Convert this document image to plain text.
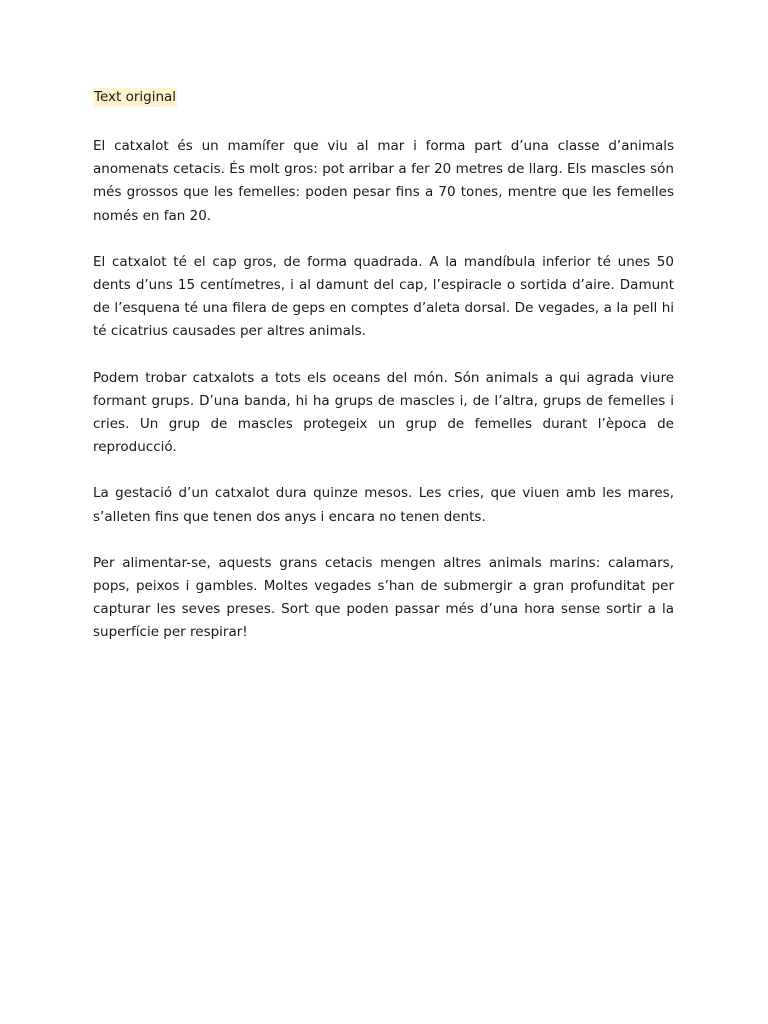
Text original

El catxalot és un mamífer que viu al mar i forma part d’una classe d’animals anomenats cetacis. És molt gros: pot arribar a fer 20 metres de llarg. Els mascles són més grossos que les femelles: poden pesar fins a 70 tones, mentre que les femelles només en fan 20.

El catxalot té el cap gros, de forma quadrada. A la mandíbula inferior té unes 50 dents d’uns 15 centímetres, i al damunt del cap, l’espiracle o sortida d’aire. Damunt de l’esquena té una filera de geps en comptes d’aleta dorsal. De vegades, a la pell hi té cicatrius causades per altres animals.

Podem trobar catxalots a tots els oceans del món. Són animals a qui agrada viure formant grups. D’una banda, hi ha grups de mascles i, de l’altra, grups de femelles i cries. Un grup de mascles protegeix un grup de femelles durant l’època de reproducció.

La gestació d’un catxalot dura quinze mesos. Les cries, que viuen amb les mares, s’alleten fins que tenen dos anys i encara no tenen dents.

Per alimentar-se, aquests grans cetacis mengen altres animals marins: calamars, pops, peixos i gambles. Moltes vegades s’han de submergir a gran profunditat per capturar les seves preses. Sort que poden passar més d’una hora sense sortir a la superfície per respirar!
